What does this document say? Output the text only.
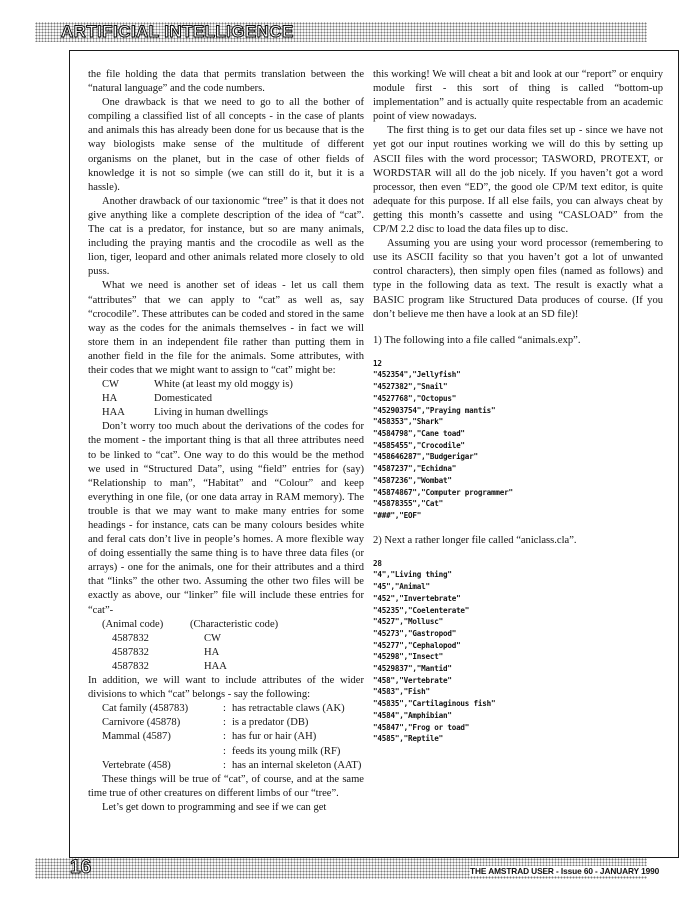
ARTIFICIAL INTELLIGENCE

the file holding the data that permits translation between the “natural language” and the code numbers.

One drawback is that we need to go to all the bother of compiling a classified list of all concepts - in the case of plants and animals this has already been done for us because that is the way biologists make sense of the multitude of different organisms on the planet, but in the case of other fields of knowledge it is not so simple (we can still do it, but it is a hassle).

Another drawback of our taxionomic “tree” is that it does not give anything like a complete description of the idea of “cat”. The cat is a predator, for instance, but so are many animals, including the praying mantis and the crocodile as well as the lion, tiger, leopard and other animals related more closely to old puss.

What we need is another set of ideas - let us call them “attributes” that we can apply to “cat” as well as, say “crocodile”. These attributes can be coded and stored in the same way as the codes for the animals themselves - in fact we will store them in an independent file rather than putting them in another field in the file for the animals. Some attributes, with their codes that we might want to assign to “cat” might be:

CW	White (at least my old moggy is)
HA	Domesticated
HAA	Living in human dwellings

Don’t worry too much about the derivations of the codes for the moment - the important thing is that all three attributes need to be linked to “cat”. One way to do this would be the method we used in “Structured Data”, using “field” entries for (say) “Relationship to man”, “Habitat” and “Colour” and keep everything in one file, (or one data array in RAM memory). The trouble is that we may want to make many entries for some headings - for instance, cats can be many colours besides white and feral cats don’t live in people’s homes. A more flexible way of doing essentially the same thing is to have three data files (or arrays) - one for the animals, one for their attributes and a third that “links” the other two. Assuming the other two files will be exactly as above, our “linker” file will include these entries for “cat”-

(Animal code)	(Characteristic code)
4587832	CW
4587832	HA
4587832	HAA

In addition, we will want to include attributes of the wider divisions to which “cat” belongs - say the following:

Cat family (458783)	: has retractable claws (AK)
Carnivore (45878)	: is a predator (DB)
Mammal (4587)	: has fur or hair (AH)
: feeds its young milk (RF)
Vertebrate (458)	: has an internal skeleton (AAT)

These things will be true of “cat”, of course, and at the same time true of other creatures on different limbs of our “tree”.

Let’s get down to programming and see if we can get

this working! We will cheat a bit and look at our “report” or enquiry module first - this sort of thing is called “bottom-up implementation” and is actually quite respectable from an academic point of view nowadays.

The first thing is to get our data files set up - since we have not yet got our input routines working we will do this by setting up ASCII files with the word processor; TASWORD, PROTEXT, or WORDSTAR will all do the job nicely. If you haven’t got a word processor, then even “ED”, the good ole CP/M text editor, is quite adequate for this purpose. If all else fails, you can always cheat by getting this month’s cassette and using “CASLOAD” from the CP/M 2.2 disc to load the data files up to disc.

Assuming you are using your word processor (remembering to use its ASCII facility so that you haven’t got a lot of unwanted control characters), then simply open files (named as follows) and type in the following data as text. The result is exactly what a BASIC program like Structured Data produces of course. (If you don’t believe me then have a look at an SD file)!

1) The following into a file called “animals.exp”.

12
"452354","Jellyfish"
"4527382","Snail"
"4527768","Octopus"
"452903754","Praying mantis"
"458353","Shark"
"4584798","Cane toad"
"4585455","Crocodile"
"458646287","Budgerigar"
"4587237","Echidna"
"4587236","Wombat"
"45874867","Computer programmer"
"45878355","Cat"
"###","EOF"

2) Next a rather longer file called “aniclass.cla”.

28
"4","Living thing"
"45","Animal"
"452","Invertebrate"
"45235","Coelenterate"
"4527","Mollusc"
"45273","Gastropod"
"45277","Cephalopod"
"45298","Insect"
"4529837","Mantid"
"458","Vertebrate"
"4583","Fish"
"45835","Cartilaginous fish"
"4584","Amphibian"
"45847","Frog or toad"
"4585","Reptile"
16	THE AMSTRAD USER - Issue 60 - JANUARY 1990
